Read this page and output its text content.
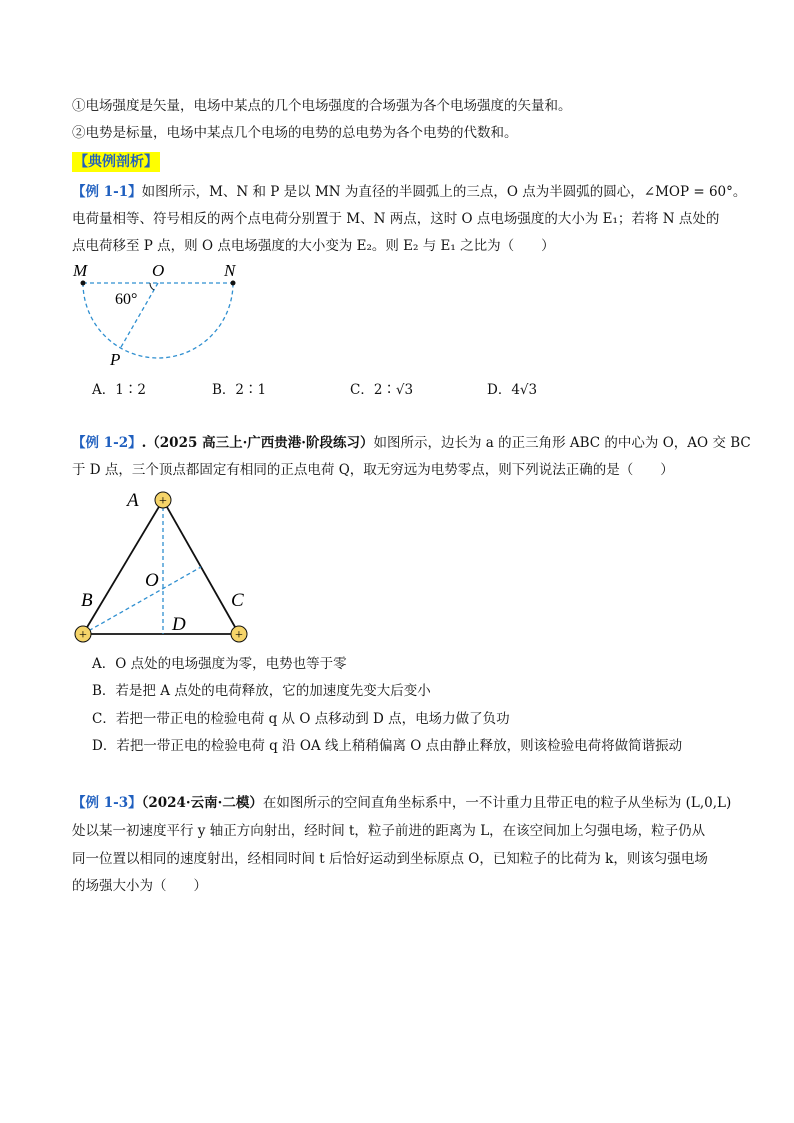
①电场强度是矢量，电场中某点的几个电场强度的合场强为各个电场强度的矢量和。
②电势是标量，电场中某点几个电场的电势的总电势为各个电势的代数和。
【典例剖析】
【例 1-1】如图所示，M、N 和 P 是以 MN 为直径的半圆弧上的三点，O 点为半圆弧的圆心，∠MOP = 60°。
电荷量相等、符号相反的两个点电荷分别置于 M、N 两点，这时 O 点电场强度的大小为 E₁；若将 N 点处的
点电荷移至 P 点，则 O 点电场强度的大小变为 E₂。则 E₂ 与 E₁ 之比为（　　）
M	O	N
60°
P
A．1∶2	B．2∶1	C．2∶√3	D．4√3
【例 1-2】.（2025 高三上·广西贵港·阶段练习）如图所示，边长为 a 的正三角形 ABC 的中心为 O，AO 交 BC
于 D 点，三个顶点都固定有相同的正点电荷 Q，取无穷远为电势零点，则下列说法正确的是（　　）
+
+	+
A
O
B	C
D
A．O 点处的电场强度为零，电势也等于零
B．若是把 A 点处的电荷释放，它的加速度先变大后变小
C．若把一带正电的检验电荷 q 从 O 点移动到 D 点，电场力做了负功
D．若把一带正电的检验电荷 q 沿 OA 线上稍稍偏离 O 点由静止释放，则该检验电荷将做简谐振动
【例 1-3】（2024·云南·二模）在如图所示的空间直角坐标系中，一不计重力且带正电的粒子从坐标为 (L,0,L)
处以某一初速度平行 y 轴正方向射出，经时间 t，粒子前进的距离为 L，在该空间加上匀强电场，粒子仍从
同一位置以相同的速度射出，经相同时间 t 后恰好运动到坐标原点 O，已知粒子的比荷为 k，则该匀强电场
的场强大小为（　　）
